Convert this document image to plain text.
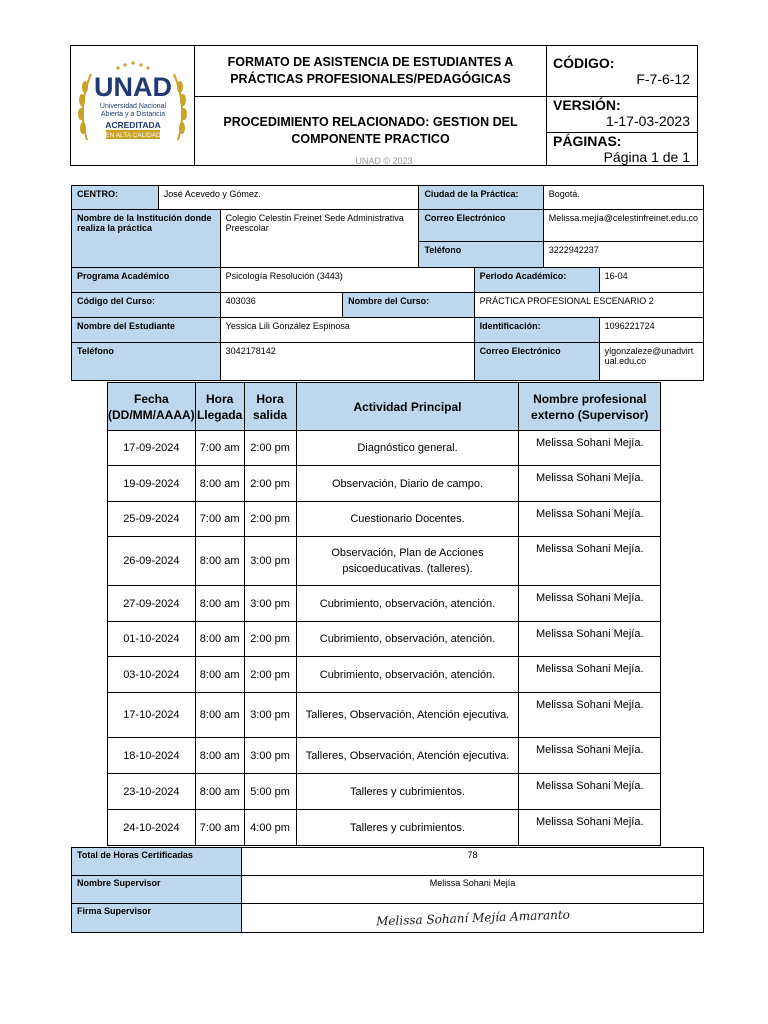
UNAD
Universidad Nacional
Abierta y a Distancia
ACREDITADA
EN ALTA CALIDAD	FORMATO DE ASISTENCIA DE ESTUDIANTES A PRÁCTICAS PROFESIONALES/PEDAGÓGICAS	CÓDIGO:
F-7-6-12

	PROCEDIMIENTO RELACIONADO: GESTION DEL COMPONENTE PRACTICO	VERSIÓN:
1-17-03-2023
PÁGINAS:
Página 1 de 1
UNAD © 2023
CENTRO:	José Acevedo y Gómez.			Ciudad de la Práctica:		Bogotá.	
Nombre de la Institución donde realiza la práctica		Colegio Celestin Freinet Sede Administrativa Preescolar		Correo Electrónico		Melissa.mejía@celestinfreinet.edu.co	
				Teléfono		3222942237	
Programa Académico		Psicología Resolución (3443)			Periodo Académico:		16-04
Código del Curso:		403036	Nombre del Curso:		PRÁCTICA PROFESIONAL ESCENARIO 2		
Nombre del Estudiante		Yessica Lili González Espinosa			Identificación:		1096221724
Teléfono		3042178142			Correo Electrónico		ylgonzaleze@unadvirtual.edu.co
Fecha (DD/MM/AAAA)	Hora Llegada	Hora salida	Actividad Principal	Nombre profesional externo (Supervisor)
17-09-2024	7:00 am	2:00 pm	Diagnóstico general.	Melissa Sohani Mejía.
19-09-2024	8:00 am	2:00 pm	Observación, Diario de campo.	Melissa Sohani Mejía.
25-09-2024	7:00 am	2:00 pm	Cuestionario Docentes.	Melissa Sohani Mejía.
26-09-2024	8:00 am	3:00 pm	Observación, Plan de Acciones psicoeducativas. (talleres).	Melissa Sohani Mejía.
27-09-2024	8:00 am	3:00 pm	Cubrimiento, observación, atención.	Melissa Sohani Mejía.
01-10-2024	8:00 am	2:00 pm	Cubrimiento, observación, atención.	Melissa Sohani Mejía.
03-10-2024	8:00 am	2:00 pm	Cubrimiento, observación, atención.	Melissa Sohani Mejía.
17-10-2024	8:00 am	3:00 pm	Talleres, Observación, Atención ejecutiva.	Melissa Sohani Mejía.
18-10-2024	8:00 am	3:00 pm	Talleres, Observación, Atención ejecutiva.	Melissa Sohani Mejía.
23-10-2024	8:00 am	5:00 pm	Talleres y cubrimientos.	Melissa Sohani Mejía.
24-10-2024	7:00 am	4:00 pm	Talleres y cubrimientos.	Melissa Sohani Mejía.
Total de Horas Certificadas	78
Nombre Supervisor	Melissa Sohani Mejía
Firma Supervisor	Melissa Sohaní Mejía Amaranto
